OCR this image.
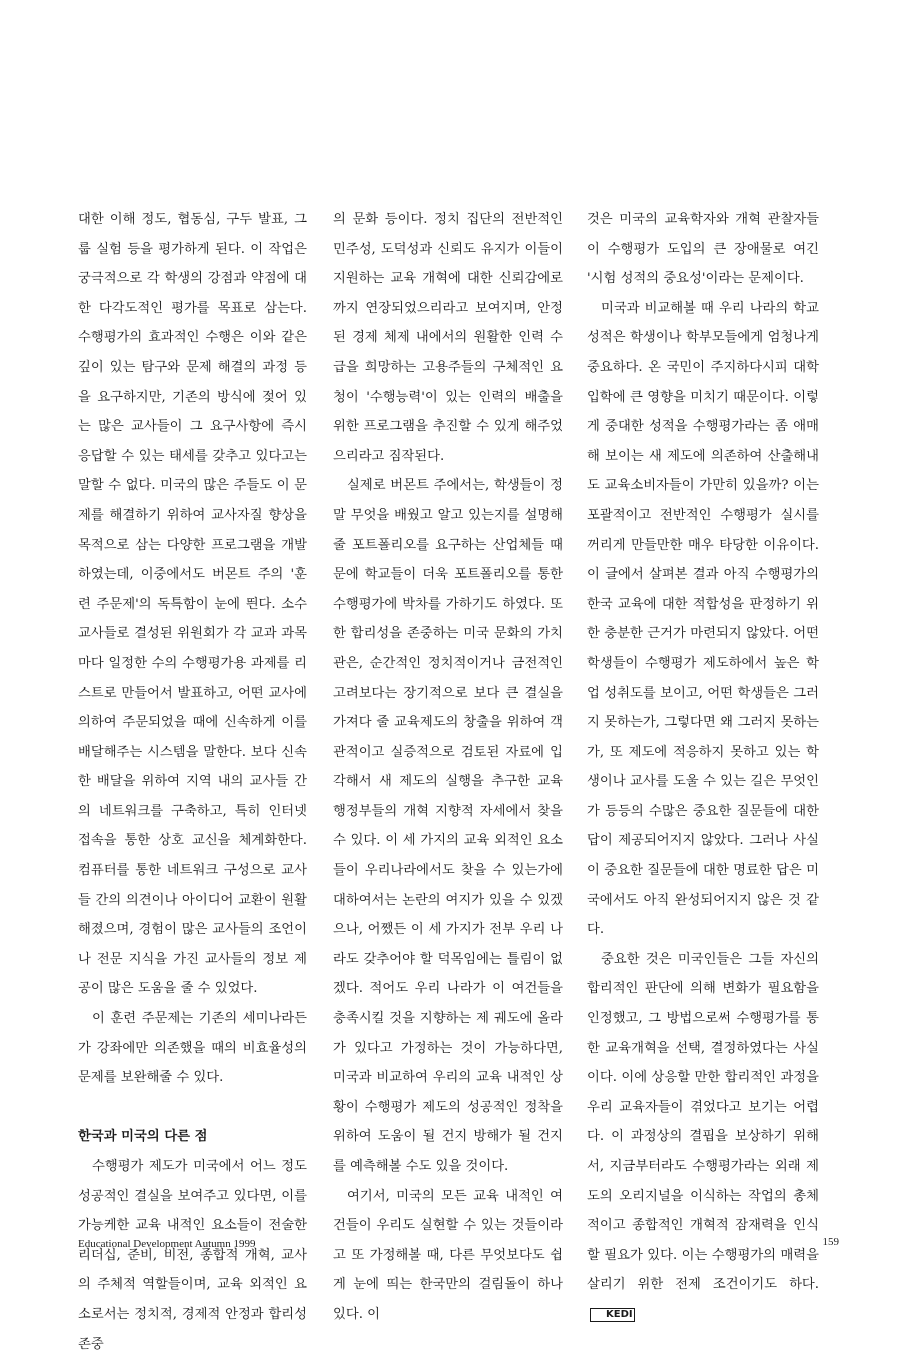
대한 이해 정도, 협동심, 구두 발표, 그룹 실험 등을 평가하게 된다. 이 작업은 궁극적으로 각 학생의 강점과 약점에 대한 다각도적인 평가를 목표로 삼는다. 수행평가의 효과적인 수행은 이와 같은 깊이 있는 탐구와 문제 해결의 과정 등을 요구하지만, 기존의 방식에 젖어 있는 많은 교사들이 그 요구사항에 즉시 응답할 수 있는 태세를 갖추고 있다고는 말할 수 없다. 미국의 많은 주들도 이 문제를 해결하기 위하여 교사자질 향상을 목적으로 삼는 다양한 프로그램을 개발하였는데, 이중에서도 버몬트 주의 '훈련 주문제'의 독특함이 눈에 띈다. 소수 교사들로 결성된 위원회가 각 교과 과목마다 일정한 수의 수행평가용 과제를 리스트로 만들어서 발표하고, 어떤 교사에 의하여 주문되었을 때에 신속하게 이를 배달해주는 시스템을 말한다. 보다 신속한 배달을 위하여 지역 내의 교사들 간의 네트워크를 구축하고, 특히 인터넷 접속을 통한 상호 교신을 체계화한다. 컴퓨터를 통한 네트워크 구성으로 교사들 간의 의견이나 아이디어 교환이 원활해졌으며, 경험이 많은 교사들의 조언이나 전문 지식을 가진 교사들의 정보 제공이 많은 도움을 줄 수 있었다.

이 훈련 주문제는 기존의 세미나라든가 강좌에만 의존했을 때의 비효율성의 문제를 보완해줄 수 있다.

한국과 미국의 다른 점

수행평가 제도가 미국에서 어느 정도 성공적인 결실을 보여주고 있다면, 이를 가능케한 교육 내적인 요소들이 전술한 리더십, 준비, 비전, 종합적 개혁, 교사의 주체적 역할들이며, 교육 외적인 요소로서는 정치적, 경제적 안정과 합리성 존중

의 문화 등이다. 정치 집단의 전반적인 민주성, 도덕성과 신뢰도 유지가 이들이 지원하는 교육 개혁에 대한 신뢰감에로까지 연장되었으리라고 보여지며, 안정된 경제 체제 내에서의 원활한 인력 수급을 희망하는 고용주들의 구체적인 요청이 '수행능력'이 있는 인력의 배출을 위한 프로그램을 추진할 수 있게 해주었으리라고 짐작된다.

실제로 버몬트 주에서는, 학생들이 정말 무엇을 배웠고 알고 있는지를 설명해줄 포트폴리오를 요구하는 산업체들 때문에 학교들이 더욱 포트폴리오를 통한 수행평가에 박차를 가하기도 하였다. 또한 합리성을 존중하는 미국 문화의 가치관은, 순간적인 정치적이거나 금전적인 고려보다는 장기적으로 보다 큰 결실을 가져다 줄 교육제도의 창출을 위하여 객관적이고 실증적으로 검토된 자료에 입각해서 새 제도의 실행을 추구한 교육 행정부들의 개혁 지향적 자세에서 찾을 수 있다. 이 세 가지의 교육 외적인 요소들이 우리나라에서도 찾을 수 있는가에 대하여서는 논란의 여지가 있을 수 있겠으나, 어쨌든 이 세 가지가 전부 우리 나라도 갖추어야 할 덕목임에는 틀림이 없겠다. 적어도 우리 나라가 이 여건들을 충족시킬 것을 지향하는 제 궤도에 올라가 있다고 가정하는 것이 가능하다면, 미국과 비교하여 우리의 교육 내적인 상황이 수행평가 제도의 성공적인 정착을 위하여 도움이 될 건지 방해가 될 건지를 예측해볼 수도 있을 것이다.

여기서, 미국의 모든 교육 내적인 여건들이 우리도 실현할 수 있는 것들이라고 또 가정해볼 때, 다른 무엇보다도 쉽게 눈에 띄는 한국만의 걸림돌이 하나 있다. 이

것은 미국의 교육학자와 개혁 관찰자들이 수행평가 도입의 큰 장애물로 여긴 '시험 성적의 중요성'이라는 문제이다.

미국과 비교해볼 때 우리 나라의 학교 성적은 학생이나 학부모들에게 엄청나게 중요하다. 온 국민이 주지하다시피 대학 입학에 큰 영향을 미치기 때문이다. 이렇게 중대한 성적을 수행평가라는 좀 애매해 보이는 새 제도에 의존하여 산출해내도 교육소비자들이 가만히 있을까? 이는 포괄적이고 전반적인 수행평가 실시를 꺼리게 만들만한 매우 타당한 이유이다. 이 글에서 살펴본 결과 아직 수행평가의 한국 교육에 대한 적합성을 판정하기 위한 충분한 근거가 마련되지 않았다. 어떤 학생들이 수행평가 제도하에서 높은 학업 성취도를 보이고, 어떤 학생들은 그러지 못하는가, 그렇다면 왜 그러지 못하는가, 또 제도에 적응하지 못하고 있는 학생이나 교사를 도울 수 있는 길은 무엇인가 등등의 수많은 중요한 질문들에 대한 답이 제공되어지지 않았다. 그러나 사실 이 중요한 질문들에 대한 명료한 답은 미국에서도 아직 완성되어지지 않은 것 같다.

중요한 것은 미국인들은 그들 자신의 합리적인 판단에 의해 변화가 필요함을 인정했고, 그 방법으로써 수행평가를 통한 교육개혁을 선택, 결정하였다는 사실이다. 이에 상응할 만한 합리적인 과정을 우리 교육자들이 겪었다고 보기는 어렵다. 이 과정상의 결핍을 보상하기 위해서, 지금부터라도 수행평가라는 외래 제도의 오리지널을 이식하는 작업의 총체적이고 종합적인 개혁적 잠재력을 인식할 필요가 있다. 이는 수행평가의 매력을 살리기 위한 전제 조건이기도 하다.KEDI

Educational Development Autumn 1999	159
